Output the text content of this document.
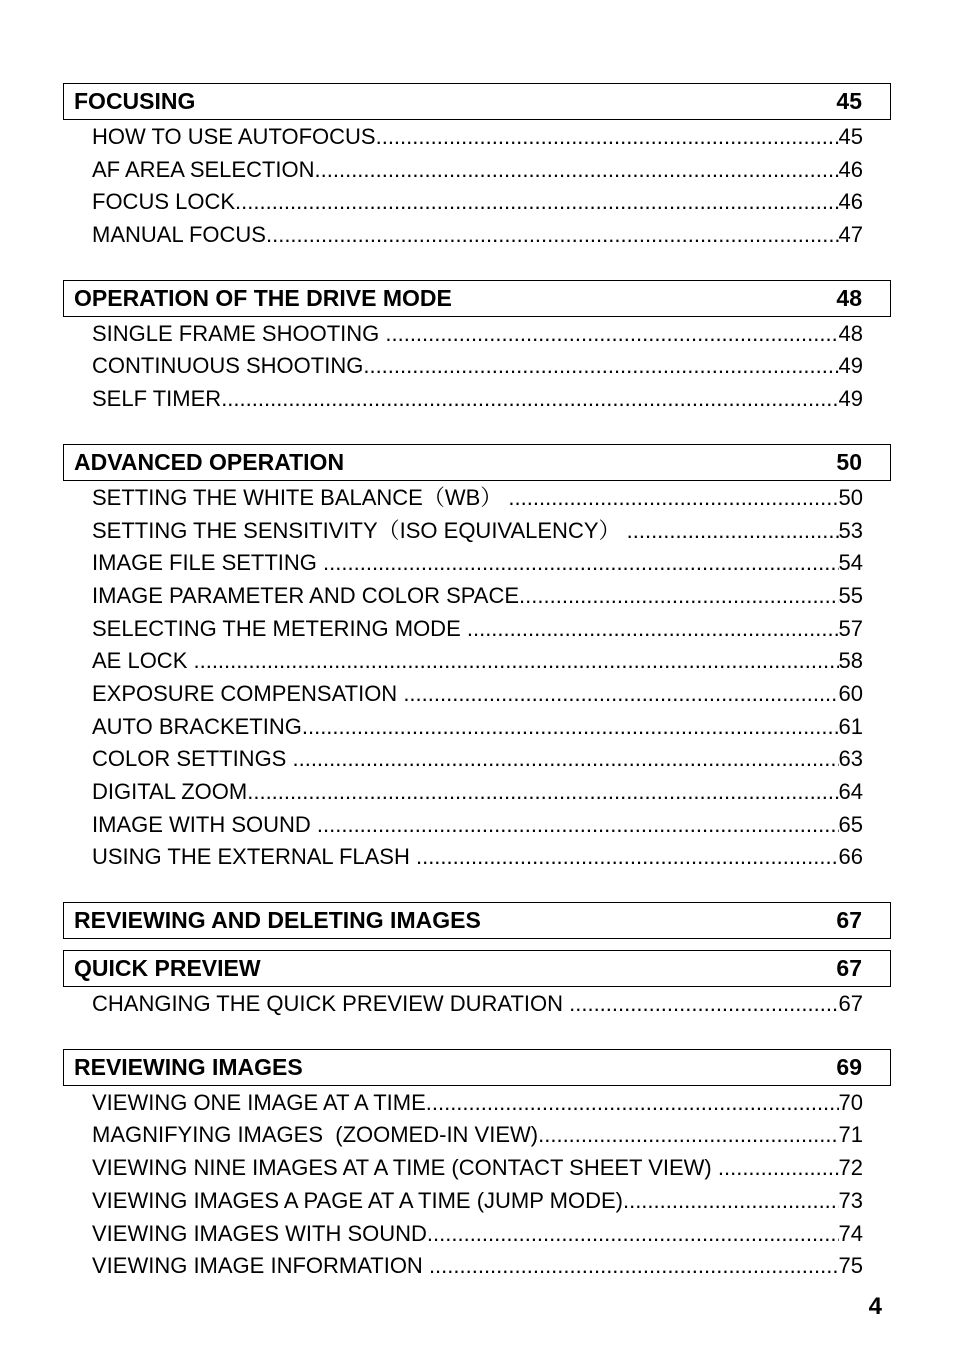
FOCUSING	45
HOW TO USE AUTOFOCUS .....	45
AF AREA SELECTION .....	46
FOCUS LOCK .....	46
MANUAL FOCUS .....	47
OPERATION OF THE DRIVE MODE	48
SINGLE FRAME SHOOTING .....	48
CONTINUOUS SHOOTING .....	49
SELF TIMER .....	49
ADVANCED OPERATION	50
SETTING THE WHITE BALANCE（WB） .....	50
SETTING THE SENSITIVITY（ISO EQUIVALENCY） .....	53
IMAGE FILE SETTING .....	54
IMAGE PARAMETER AND COLOR SPACE .....	55
SELECTING THE METERING MODE .....	57
AE LOCK .....	58
EXPOSURE COMPENSATION .....	60
AUTO BRACKETING .....	61
COLOR SETTINGS .....	63
DIGITAL ZOOM .....	64
IMAGE WITH SOUND .....	65
USING THE EXTERNAL FLASH .....	66
REVIEWING AND DELETING IMAGES	67
QUICK PREVIEW	67
CHANGING THE QUICK PREVIEW DURATION .....	67
REVIEWING IMAGES	69
VIEWING ONE IMAGE AT A TIME .....	70
MAGNIFYING IMAGES  (ZOOMED-IN VIEW) .....	71
VIEWING NINE IMAGES AT A TIME (CONTACT SHEET VIEW) .....	72
VIEWING IMAGES A PAGE AT A TIME (JUMP MODE) .....	73
VIEWING IMAGES WITH SOUND .....	74
VIEWING IMAGE INFORMATION .....	75
4
